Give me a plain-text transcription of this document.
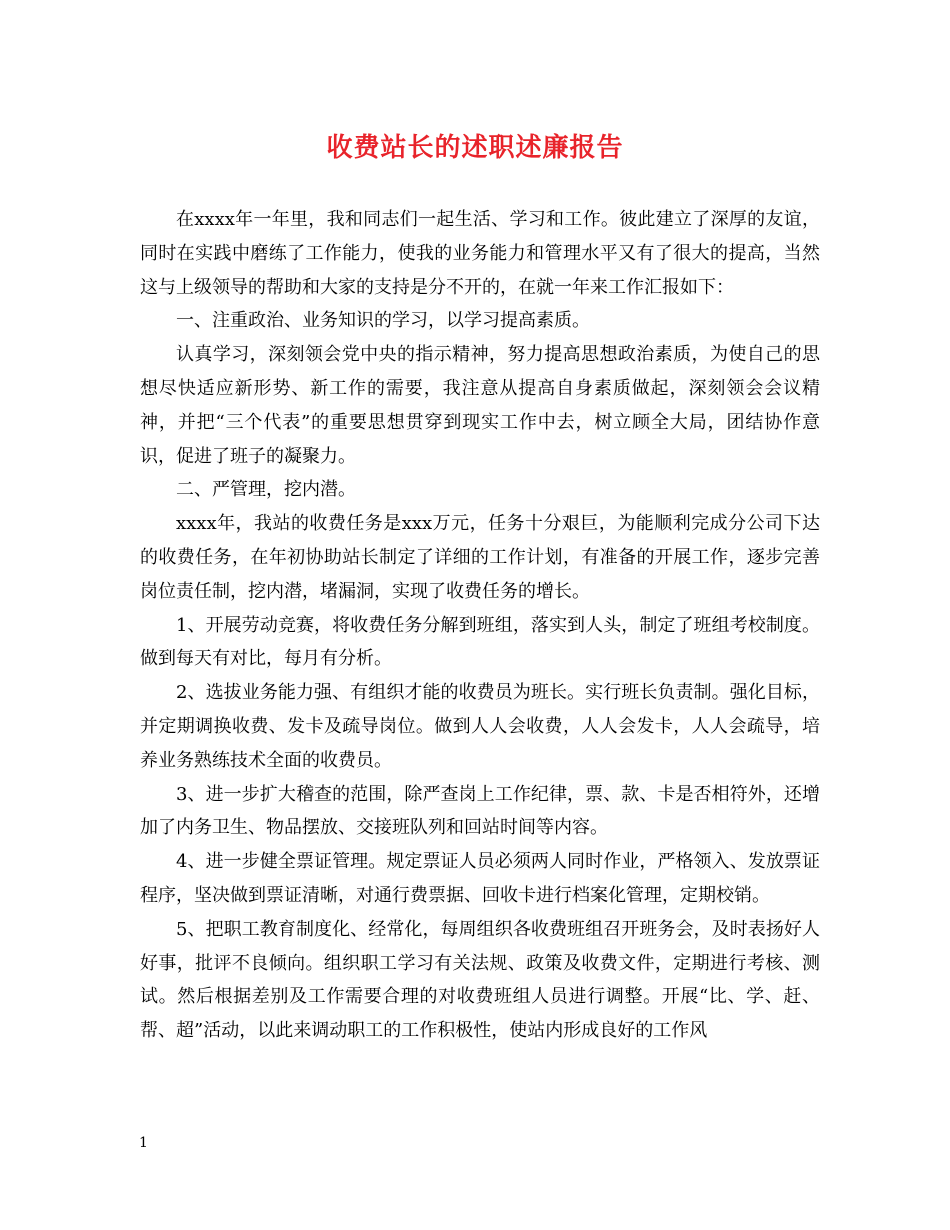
收费站长的述职述廉报告

在xxxx年一年里，我和同志们一起生活、学习和工作。彼此建立了深厚的友谊，同时在实践中磨练了工作能力，使我的业务能力和管理水平又有了很大的提高，当然这与上级领导的帮助和大家的支持是分不开的，在就一年来工作汇报如下：

一、注重政治、业务知识的学习，以学习提高素质。

认真学习，深刻领会党中央的指示精神，努力提高思想政治素质，为使自己的思想尽快适应新形势、新工作的需要，我注意从提高自身素质做起，深刻领会会议精神，并把“三个代表”的重要思想贯穿到现实工作中去，树立顾全大局，团结协作意识，促进了班子的凝聚力。

二、严管理，挖内潜。

xxxx年，我站的收费任务是xxx万元，任务十分艰巨，为能顺利完成分公司下达的收费任务，在年初协助站长制定了详细的工作计划，有准备的开展工作，逐步完善岗位责任制，挖内潜，堵漏洞，实现了收费任务的增长。

1、开展劳动竞赛，将收费任务分解到班组，落实到人头，制定了班组考校制度。做到每天有对比，每月有分析。

2、选拔业务能力强、有组织才能的收费员为班长。实行班长负责制。强化目标，并定期调换收费、发卡及疏导岗位。做到人人会收费，人人会发卡，人人会疏导，培养业务熟练技术全面的收费员。

3、进一步扩大稽查的范围，除严查岗上工作纪律，票、款、卡是否相符外，还增加了内务卫生、物品摆放、交接班队列和回站时间等内容。

4、进一步健全票证管理。规定票证人员必须两人同时作业，严格领入、发放票证程序，坚决做到票证清晰，对通行费票据、回收卡进行档案化管理，定期校销。

5、把职工教育制度化、经常化，每周组织各收费班组召开班务会，及时表扬好人好事，批评不良倾向。组织职工学习有关法规、政策及收费文件，定期进行考核、测试。然后根据差别及工作需要合理的对收费班组人员进行调整。开展“比、学、赶、帮、超”活动，以此来调动职工的工作积极性，使站内形成良好的工作风

1
